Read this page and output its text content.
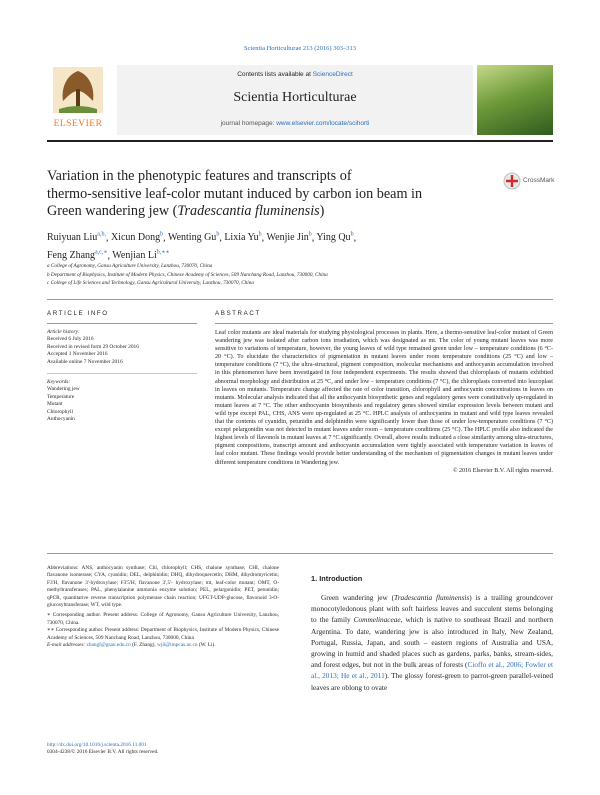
Scientia Horticulturae 213 (2016) 303–313
ELSEVIER
Contents lists available at ScienceDirect
Scientia Horticulturae
journal homepage: www.elsevier.com/locate/scihorti
Variation in the phenotypic features and transcripts of
thermo-sensitive leaf-color mutant induced by carbon ion beam in
Green wandering jew (Tradescantia fluminensis)
CrossMark
Ruiyuan Liu$^{a,b,}$, Xicun Dong$^b$, Wenting Gu$^b$, Lixia Yu$^b$, Wenjie Jin$^b$, Ying Qu$^b$,
Feng Zhang$^{a,c,∗}$, Wenjian $Li^{b,∗∗}$
a College of Agronomy, Gansu Agriculture University, Lanzhou, 730070, China
b Department of Biophysics, Institute of Modern Physics, Chinese Academy of Sciences, 509 Nanchang Road, Lanzhou, 730000, China
c College of Life Sciences and Technology, Gansu Agricultural University, Lanzhou, 730070, China
ARTICLE INFO
Article history:
Received 6 July 2016
Received in revised form 29 October 2016
Accepted 1 November 2016
Available online 7 November 2016
Keywords:
Wandering jew
Temperature
Mutant
Chlorophyll
Anthocyanin
ABSTRACT
Leaf color mutants are ideal materials for studying physiological processes in plants. Here, a thermo-sensitive leaf-color mutant of Green wandering jew was isolated after carbon ions irradiation, which was designated as mt. The color of young mutant leaves was more sensitive to variations of temperature, however, the young leaves of wild type remained green under low – temperature conditions (6 °C-20 °C). To elucidate the characteristics of pigmentation in mutant leaves under room temperature conditions (25 °C) and low – temperature conditions (7 °C), the ultra-structural, pigment composition, molecular mechanisms and anthocyanin accumulation involved in this phenomenon have been investigated in four independent experiments. The results showed that chloroplasts of mutants exhibited abnormal morphology and distribution at 25 °C, and under low – temperature conditions (7 °C), the chloroplasts converted into leucoplast in leaves on mutants. Temperature change affected the rate of color transition, chlorophyll and anthocyanin concentrations in leaves on mutants. Molecular analysis indicated that all the anthocyanin biosynthetic genes and regulatory genes were constitutively up-regulated in mutant leaves at 7 °C. The other anthocyanin biosynthesis and regulatory genes showed similar expression levels between mutant and wild type except PAL, CHS, ANS were up-regulated at 25 °C. HPLC analysis of anthocyanins in mutant and wild type leaves revealed that the contents of cyanidin, petunidin and delphinidin were significantly lower than those of under low-temperature conditions (7 °C) except pelargonidin was not detected in mutant leaves under room – temperature conditions (25 °C). The HPLC profile also indicated the highest levels of flavonols in mutant leaves at 7 °C significantly. Overall, above results indicated a close similarity among ultra-structures, pigment compositions, transcript amount and anthocyanin accumulation were tightly associated with temperature variation in leaves of leaf color mutant. These findings would provide better understanding of the mechanism of pigmentation changes in mutant leaves under different temperature conditions in Wandering jew.
© 2016 Elsevier B.V. All rights reserved.
Abbreviations: ANS, anthocyanin synthase; Chl, chlorophyll; CHS, chalone synthase; CHI, chalone flavanone isomerase; CYA, cyanidin; DEL, delphinidin; DHQ, dihydroquercetin; DHM, dihydromyricetin; F3'H, flavanone 3'-hydroxylase; F3'5'H, flavanone 3',5'- hydroxylase; mt, leaf-color mutant; OMT, O-methyltransferases; PAL, phenylalanine ammonia enzyme solution; PEL, pelargonidin; PET, petunidin; qPCR, quantitative reverse transcription polymerase chain reaction; UFGT-UDP-glucose, flavonoid 3-O-glucosyltransferase; WT, wild type.
∗ Corresponding author. Present address: College of Agronomy, Gansu Agriculture University, Lanzhou, 730070, China.
∗∗ Corresponding author. Present address: Department of Biophysics, Institute of Modern Physics, Chinese Academy of Sciences, 509 Nanchang Road, Lanzhou, 730000, China
E-mail addresses: zhangf@gsau.edu.cn (F. Zhang), wjli@impcas.ac.cn (W. Li).
http://dx.doi.org/10.1016/j.scienta.2016.11.001
0304-4238/© 2016 Elsevier B.V. All rights reserved.
1. Introduction
Green wandering jew (Tradescantia fluminensis) is a trailing groundcover monocotyledonous plant with soft hairless leaves and succulent stems belonging to the family Commelinaceae, which is native to southeast Brazil and northern Argentina. To date, wandering jew is also introduced in Italy, New Zealand, Portugal, Russia, Japan, and south – eastern regions of Australia and USA, growing in humid and shaded places such as gardens, parks, banks, stream-sides, and forest edges, but not in the bulk areas of forests (Cioffo et al., 2006; Fowler et al., 2013; He et al., 2011). The glossy forest-green to parrot-green parallel-veined leaves are oblong to ovate
